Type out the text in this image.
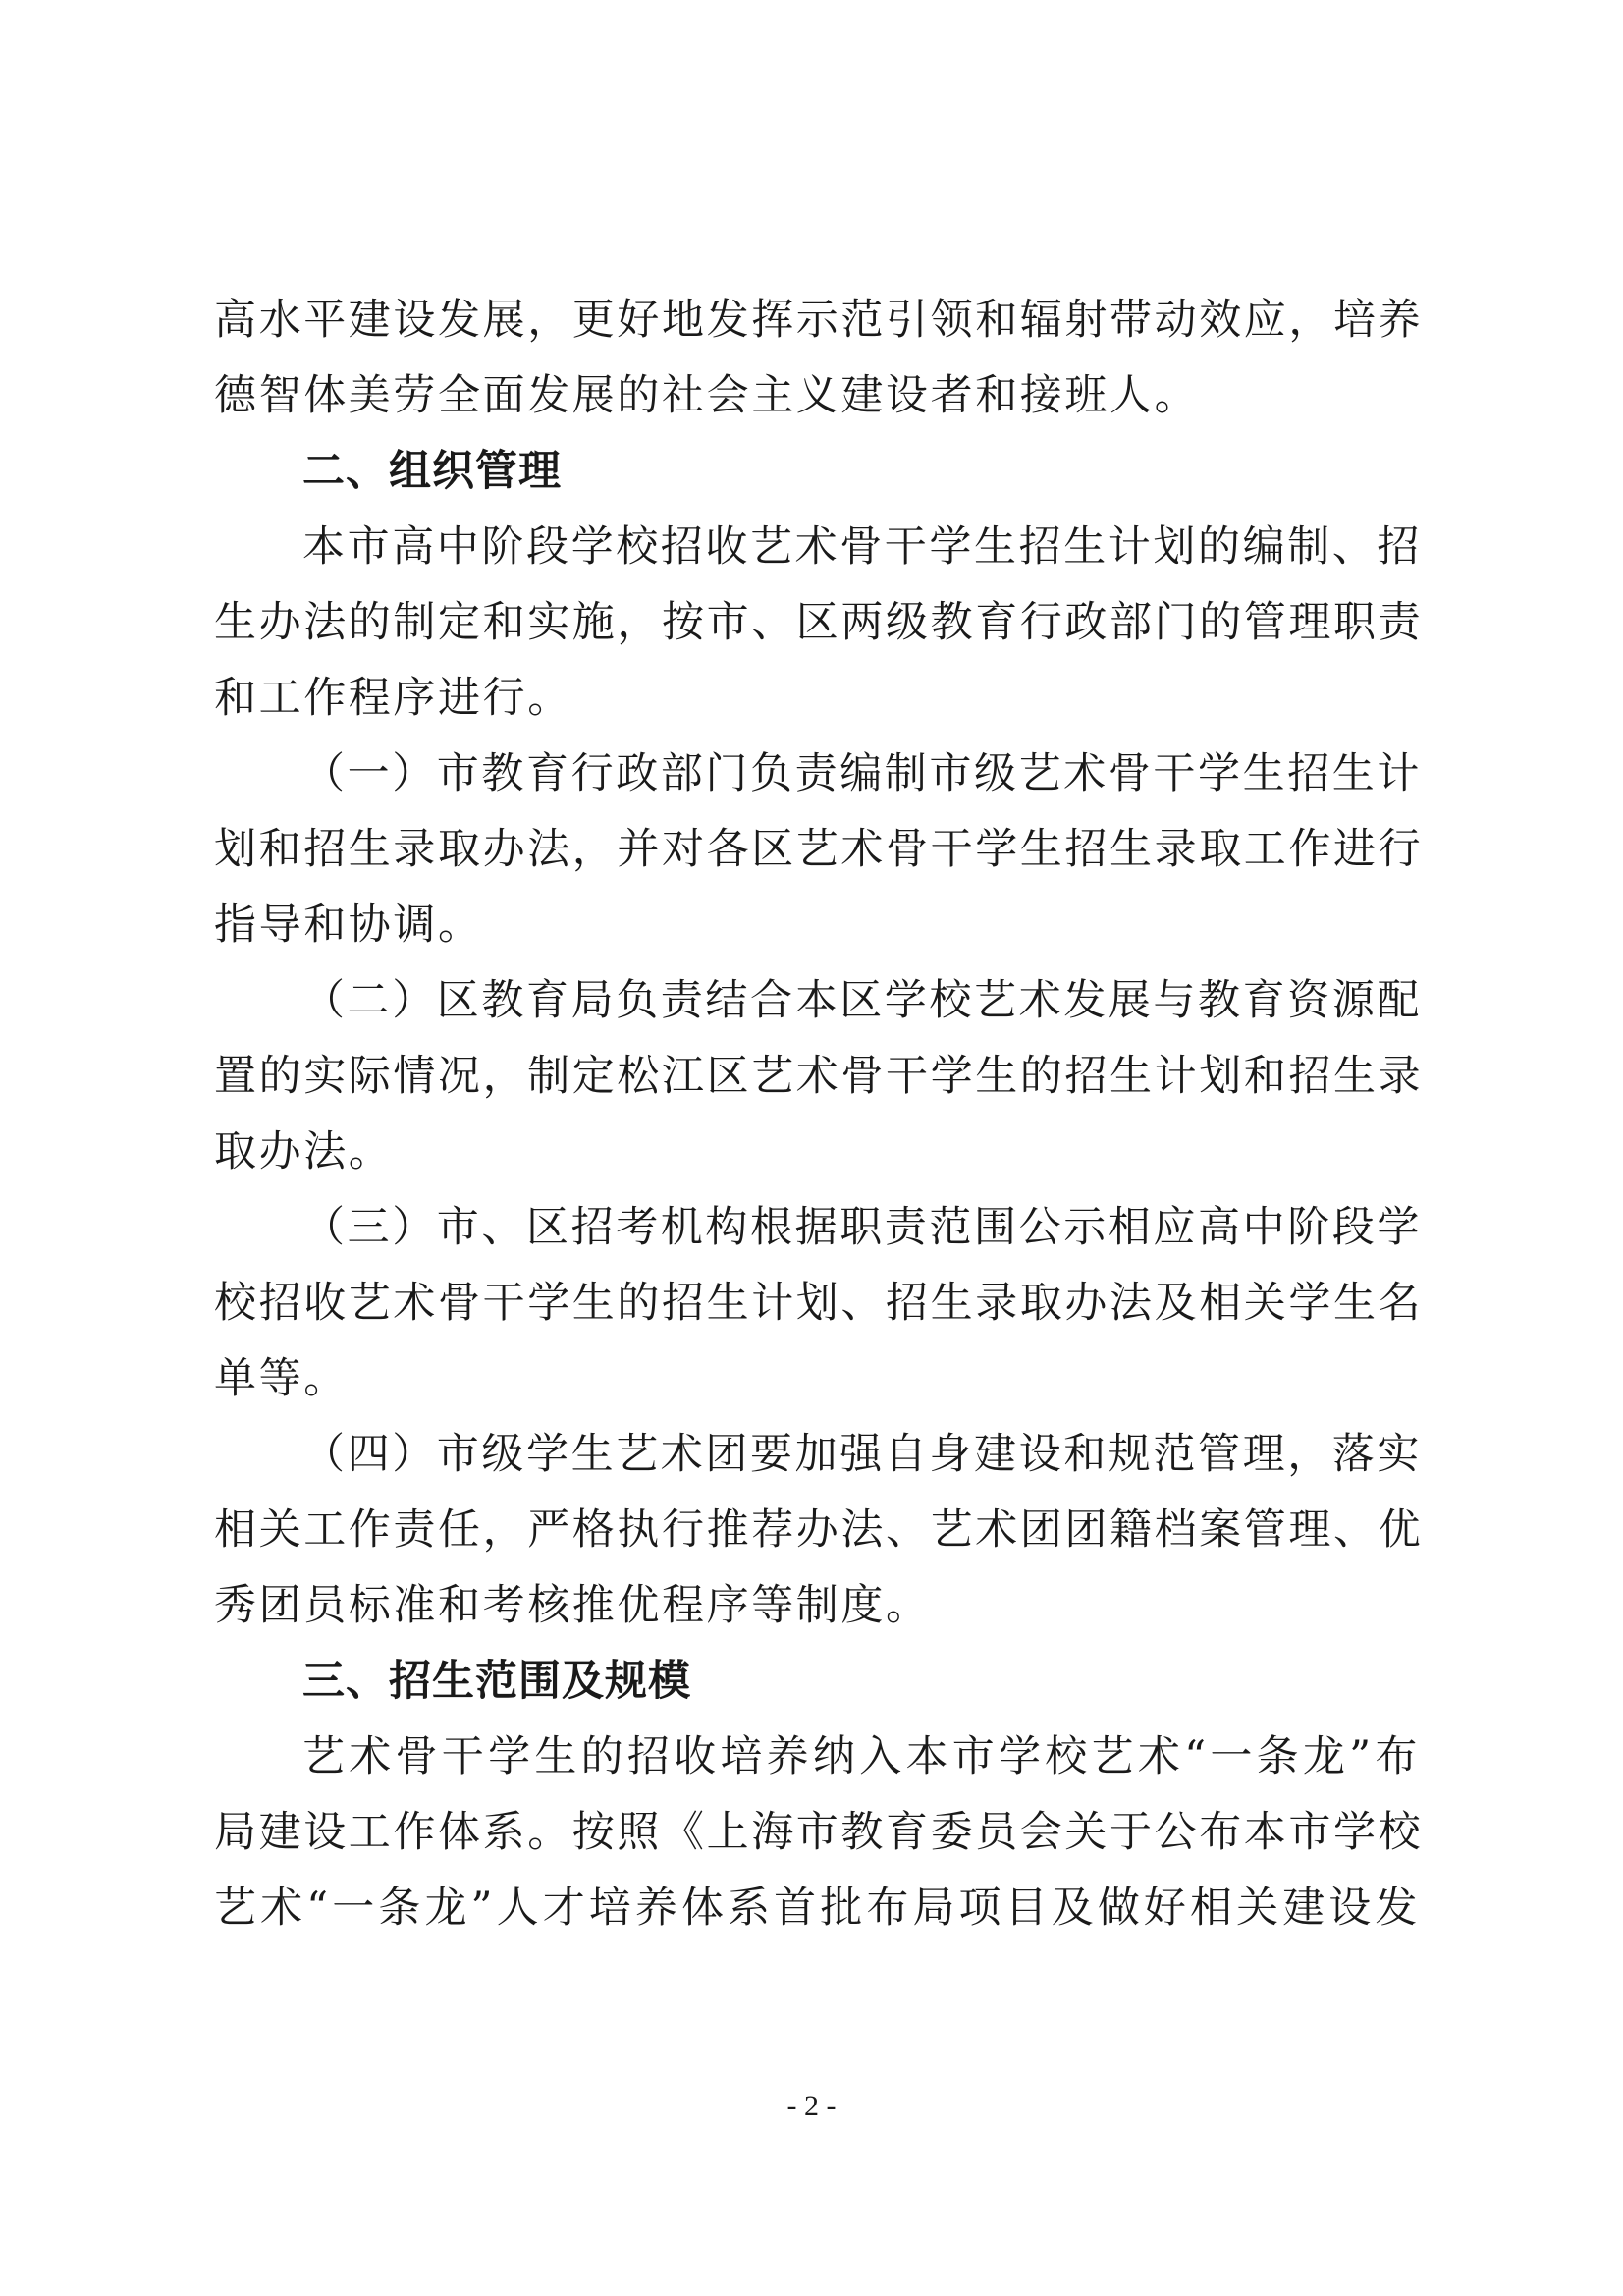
高水平建设发展，更好地发挥示范引领和辐射带动效应，培养
德智体美劳全面发展的社会主义建设者和接班人。
二、组织管理
本市高中阶段学校招收艺术骨干学生招生计划的编制、招
生办法的制定和实施，按市、区两级教育行政部门的管理职责
和工作程序进行。
（一）市教育行政部门负责编制市级艺术骨干学生招生计
划和招生录取办法，并对各区艺术骨干学生招生录取工作进行
指导和协调。
（二）区教育局负责结合本区学校艺术发展与教育资源配
置的实际情况，制定松江区艺术骨干学生的招生计划和招生录
取办法。
（三）市、区招考机构根据职责范围公示相应高中阶段学
校招收艺术骨干学生的招生计划、招生录取办法及相关学生名
单等。
（四）市级学生艺术团要加强自身建设和规范管理，落实
相关工作责任，严格执行推荐办法、艺术团团籍档案管理、优
秀团员标准和考核推优程序等制度。
三、招生范围及规模
艺术骨干学生的招收培养纳入本市学校艺术“一条龙”布
局建设工作体系。按照《上海市教育委员会关于公布本市学校
艺术“一条龙”人才培养体系首批布局项目及做好相关建设发
- 2 -
